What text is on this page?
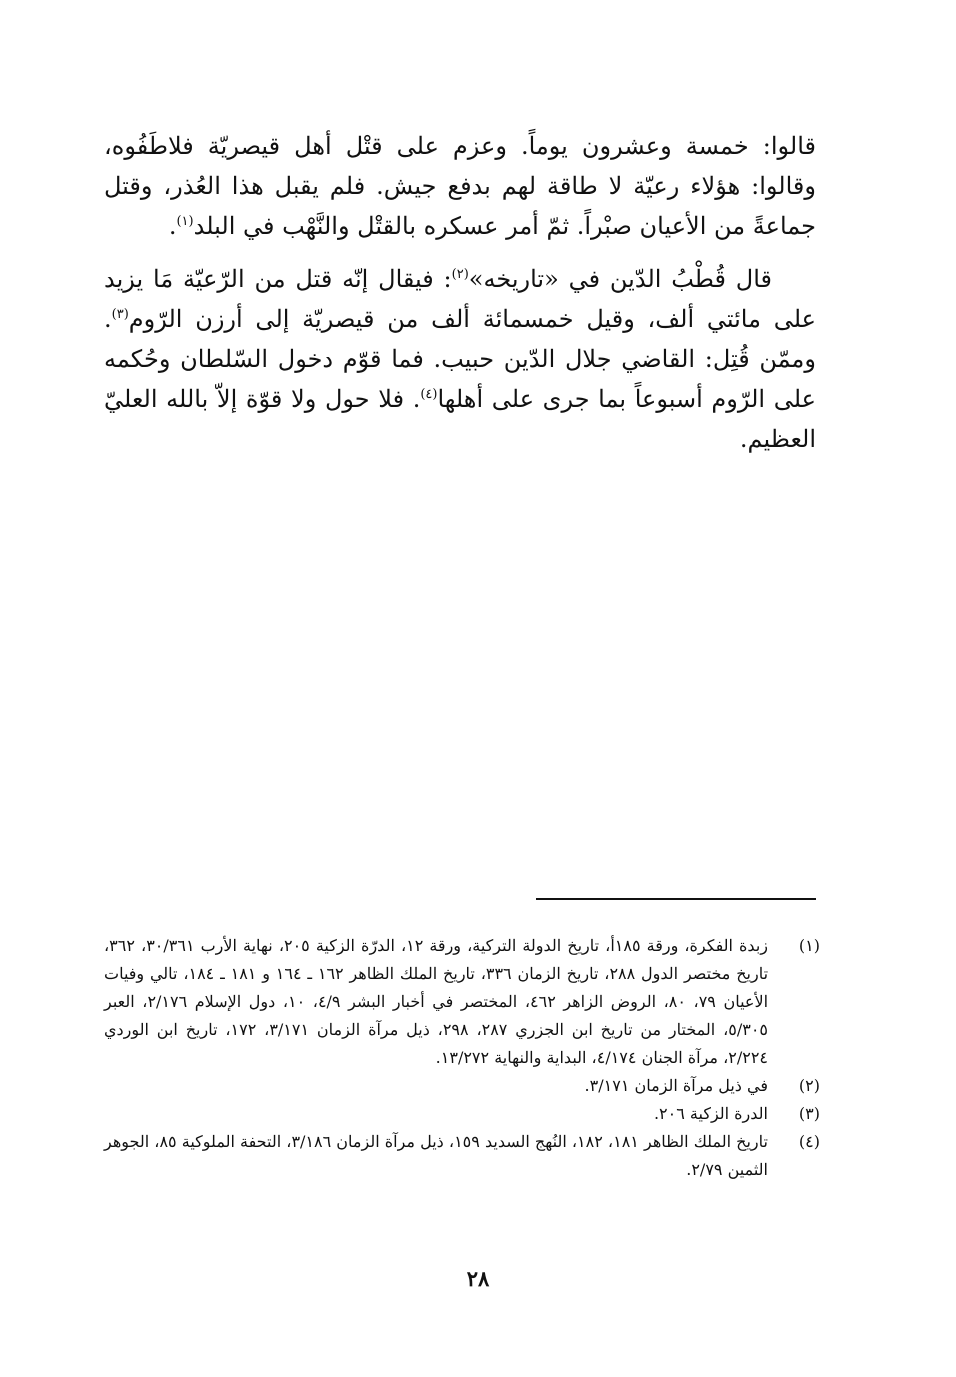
قالوا: خمسة وعشرون يوماً. وعزم على قتْل أهل قيصريّة فلاطَفُوه، وقالوا: هؤلاء رعيّة لا طاقة لهم بدفع جيش. فلم يقبل هذا العُذر، وقتل جماعةً من الأعيان صبْراً. ثمّ أمر عسكره بالقتْل والنَّهْب في البلد$^{(١)}$.

قال قُطْبُ الدّين في «تاريخه»$^{(٢)}$: فيقال إنّه قتل من الرّعيّة مَا يزيد على مائتي ألف، وقيل خمسمائة ألف من قيصريّة إلى أرزن الرّوم$^{(٣)}$. وممّن قُتِل: القاضي جلال الدّين حبيب. فما قوّم دخول السّلطان وحُكمه على الرّوم أسبوعاً بما جرى على أهلها$^{(٤)}$. فلا حول ولا قوّة إلاّ بالله العليّ العظيم.

(١)
زبدة الفكرة، ورقة ١٨٥أ، تاريخ الدولة التركية، ورقة ١٢، الدرّة الزكية ٢٠٥، نهاية الأرب ٣٠/٣٦١، ٣٦٢، تاريخ مختصر الدول ٢٨٨، تاريخ الزمان ٣٣٦، تاريخ الملك الظاهر ١٦٢ ـ ١٦٤ و ١٨١ ـ ١٨٤، تالي وفيات الأعيان ٧٩، ٨٠، الروض الزاهر ٤٦٢، المختصر في أخبار البشر ٤/٩، ١٠، دول الإسلام ٢/١٧٦، العبر ٥/٣٠٥، المختار من تاريخ ابن الجزري ٢٨٧، ٢٩٨، ذيل مرآة الزمان ٣/١٧١، ١٧٢، تاريخ ابن الوردي ٢/٢٢٤، مرآة الجنان ٤/١٧٤، البداية والنهاية ١٣/٢٧٢.
(٢)
في ذيل مرآة الزمان ٣/١٧١.
(٣)
الدرة الزكية ٢٠٦.
(٤)
تاريخ الملك الظاهر ١٨١، ١٨٢، النُهج السديد ١٥٩، ذيل مرآة الزمان ٣/١٨٦، التحفة الملوكية ٨٥، الجوهر الثمين ٢/٧٩.
٢٨
